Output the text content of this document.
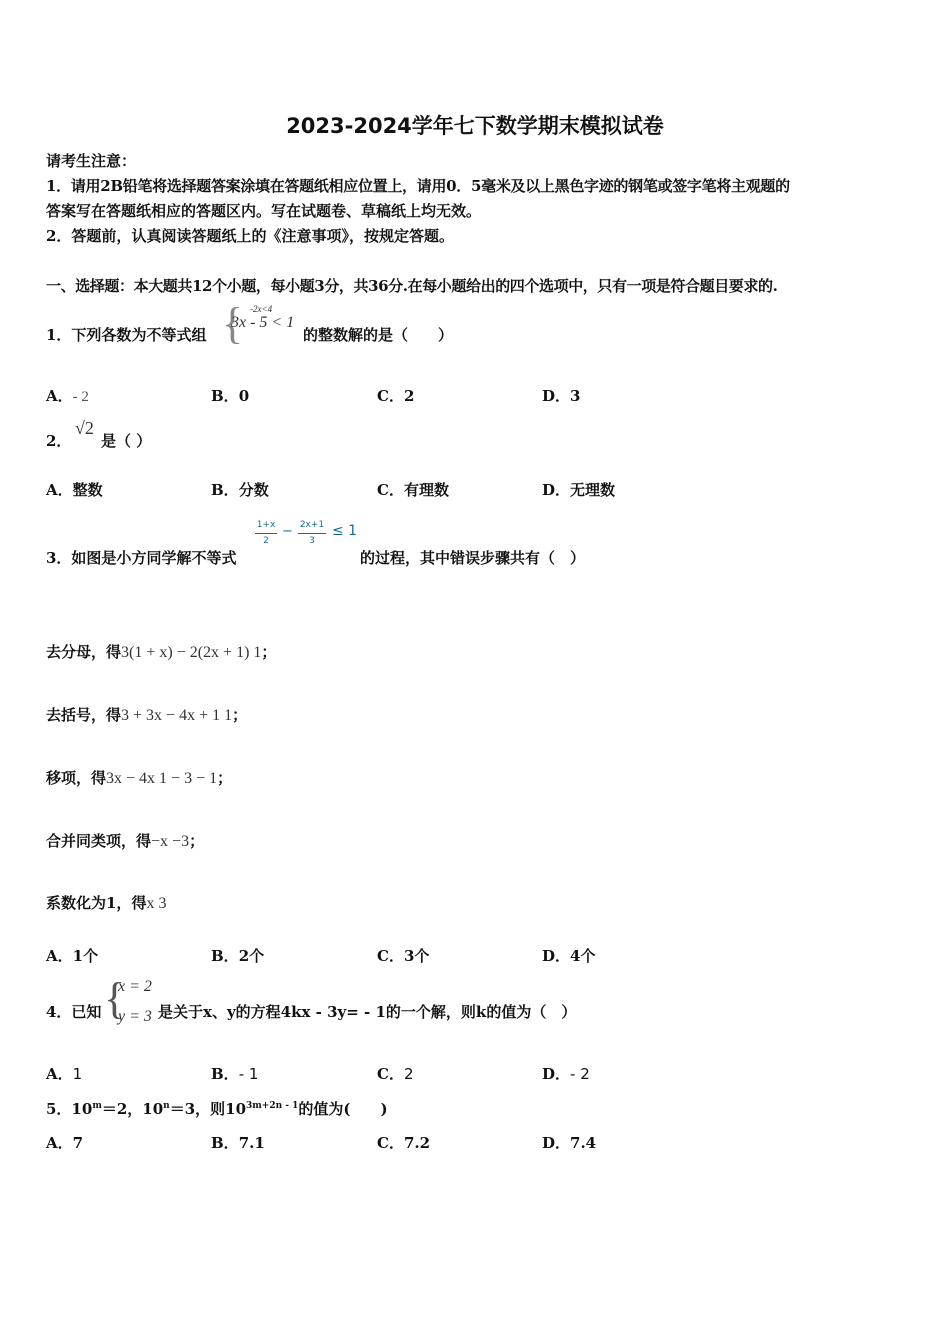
2023-2024学年七下数学期末模拟试卷
请考生注意：
1．请用2B铅笔将选择题答案涂填在答题纸相应位置上，请用0．5毫米及以上黑色字迹的钢笔或签字笔将主观题的
答案写在答题纸相应的答题区内。写在试题卷、草稿纸上均无效。
2．答题前，认真阅读答题纸上的《注意事项》，按规定答题。
一、选择题：本大题共12个小题，每小题3分，共36分.在每小题给出的四个选项中，只有一项是符合题目要求的.
1．下列各数为不等式组 { -2x<4
3x - 5 < 1
的整数解的是（　　）
A．- 2	B．0	C．2	D．3
2．
√2
是（ ）
A．整数	B．分数	C．有理数	D．无理数
1+x
2
− 2x+1
3
≤ 1
3．如图是小方同学解不等式	的过程，其中错误步骤共有（　）
去分母，得3(1 + x) − 2(2x + 1) 1；
去括号，得3 + 3x − 4x + 1 1；
移项，得3x − 4x 1 − 3 − 1；
合并同类项，得−x −3；
系数化为1，得x 3
A．1个	B．2个	C．3个	D．4个
4．已知 {
x = 2
y = 3 是关于x、y的方程4kx - 3y= - 1的一个解，则k的值为（　）
A．1	B．- 1	C．2	D．- 2
5．$10^m=2$，$10^n=3$，则$10^{3m+2n - 1}$的值为(　　)
A．7	B．7.1	C．7.2	D．7.4
